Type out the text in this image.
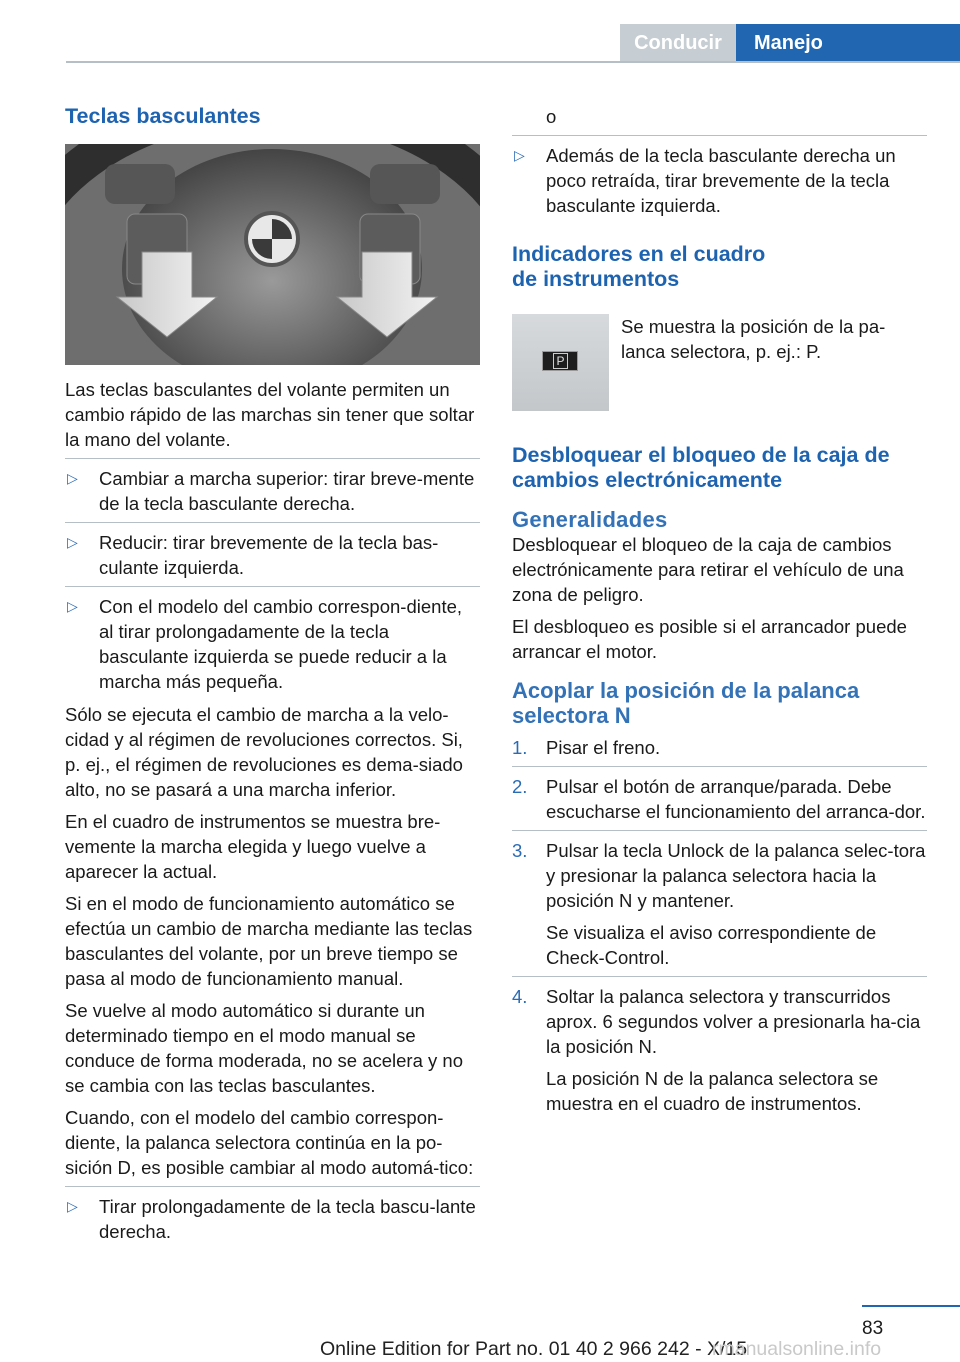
Conducir	Manejo
Teclas basculantes

Las teclas basculantes del volante permiten un cambio rápido de las marchas sin tener que soltar la mano del volante.

▷ Cambiar a marcha superior: tirar breve-mente de la tecla basculante derecha.
▷ Reducir: tirar brevemente de la tecla bas-culante izquierda.
▷ Con el modelo del cambio correspon-diente, al tirar prolongadamente de la tecla basculante izquierda se puede reducir a la marcha más pequeña.

Sólo se ejecuta el cambio de marcha a la velo-cidad y al régimen de revoluciones correctos. Si, p. ej., el régimen de revoluciones es dema-siado alto, no se pasará a una marcha inferior.

En el cuadro de instrumentos se muestra bre-vemente la marcha elegida y luego vuelve a aparecer la actual.

Si en el modo de funcionamiento automático se efectúa un cambio de marcha mediante las teclas basculantes del volante, por un breve tiempo se pasa al modo de funcionamiento manual.

Se vuelve al modo automático si durante un determinado tiempo en el modo manual se conduce de forma moderada, no se acelera y no se cambia con las teclas basculantes.

Cuando, con el modelo del cambio correspon-diente, la palanca selectora continúa en la po-sición D, es posible cambiar al modo automá-tico:

▷ Tirar prolongadamente de la tecla bascu-lante derecha.

o

▷ Además de la tecla basculante derecha un poco retraída, tirar brevemente de la tecla basculante izquierda.
Indicadores en el cuadro
de instrumentos
P

Se muestra la posición de la pa-lanca selectora, p. ej.: P.

Desbloquear el bloqueo de la caja de cambios electrónicamente
Generalidades

Desbloquear el bloqueo de la caja de cambios electrónicamente para retirar el vehículo de una zona de peligro.

El desbloqueo es posible si el arrancador puede arrancar el motor.

Acoplar la posición de la palanca selectora N
1. Pisar el freno.
2. Pulsar el botón de arranque/parada. Debe escucharse el funcionamiento del arranca-dor.
3. Pulsar la tecla Unlock de la palanca selec-tora y presionar la palanca selectora hacia la posición N y mantener.
Se visualiza el aviso correspondiente de Check-Control.
4. Soltar la palanca selectora y transcurridos aprox. 6 segundos volver a presionarla ha-cia la posición N.
La posición N de la palanca selectora se muestra en el cuadro de instrumentos.
83
Online Edition for Part no. 01 40 2 966 242 - X/15
rmanualsonline.info
